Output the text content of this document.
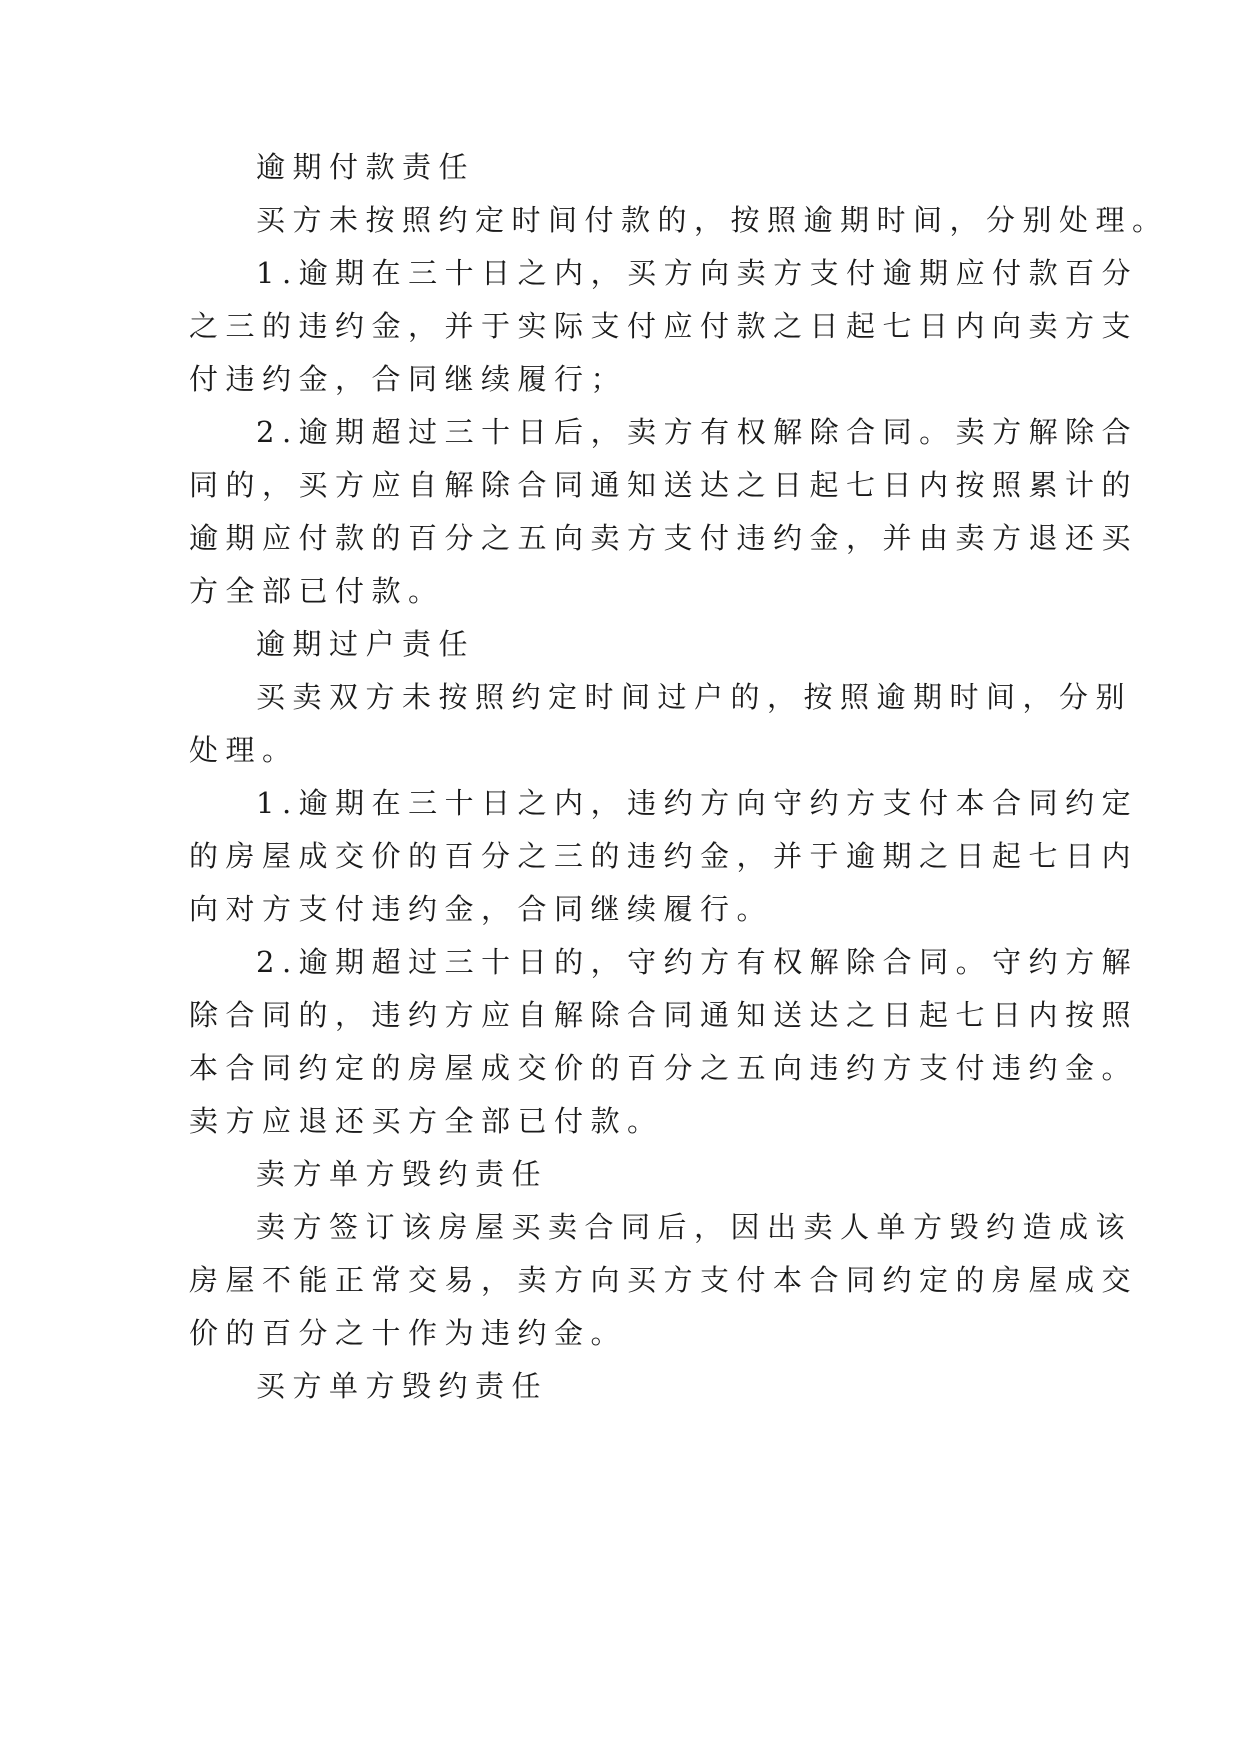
逾期付款责任

买方未按照约定时间付款的，按照逾期时间，分别处理。

1.逾期在三十日之内，买方向卖方支付逾期应付款百分

之三的违约金，并于实际支付应付款之日起七日内向卖方支

付违约金，合同继续履行；

2.逾期超过三十日后，卖方有权解除合同。卖方解除合

同的，买方应自解除合同通知送达之日起七日内按照累计的

逾期应付款的百分之五向卖方支付违约金，并由卖方退还买

方全部已付款。

逾期过户责任

买卖双方未按照约定时间过户的，按照逾期时间，分别

处理。

1.逾期在三十日之内，违约方向守约方支付本合同约定

的房屋成交价的百分之三的违约金，并于逾期之日起七日内

向对方支付违约金，合同继续履行。

2.逾期超过三十日的，守约方有权解除合同。守约方解

除合同的，违约方应自解除合同通知送达之日起七日内按照

本合同约定的房屋成交价的百分之五向违约方支付违约金。

卖方应退还买方全部已付款。

卖方单方毁约责任

卖方签订该房屋买卖合同后，因出卖人单方毁约造成该

房屋不能正常交易，卖方向买方支付本合同约定的房屋成交

价的百分之十作为违约金。

买方单方毁约责任
